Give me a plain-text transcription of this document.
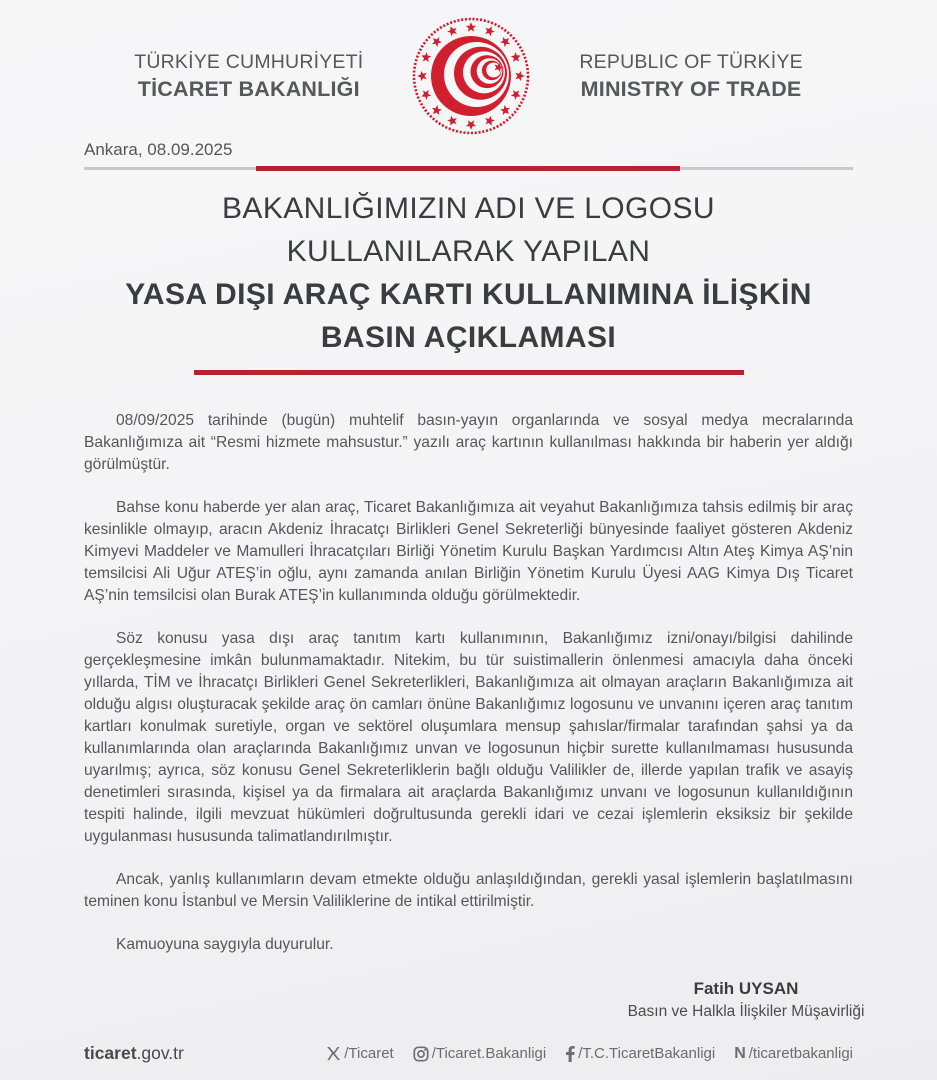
TÜRKİYE CUMHURİYETİ
TİCARET BAKANLIĞI
REPUBLIC OF TÜRKİYE
MINISTRY OF TRADE
Ankara, 08.09.2025
BAKANLIĞIMIZIN ADI VE LOGOSU
KULLANILARAK YAPILAN
YASA DIŞI ARAÇ KARTI KULLANIMINA İLİŞKİN
BASIN AÇIKLAMASI

08/09/2025 tarihinde (bugün) muhtelif basın-yayın organlarında ve sosyal medya mecralarında Bakanlığımıza ait “Resmi hizmete mahsustur.” yazılı araç kartının kullanılması hakkında bir haberin yer aldığı görülmüştür.

Bahse konu haberde yer alan araç, Ticaret Bakanlığımıza ait veyahut Bakanlığımıza tahsis edilmiş bir araç kesinlikle olmayıp, aracın Akdeniz İhracatçı Birlikleri Genel Sekreterliği bünyesinde faaliyet gösteren Akdeniz Kimyevi Maddeler ve Mamulleri İhracatçıları Birliği Yönetim Kurulu Başkan Yardımcısı Altın Ateş Kimya AŞ’nin temsilcisi Ali Uğur ATEŞ’in oğlu, aynı zamanda anılan Birliğin Yönetim Kurulu Üyesi AAG Kimya Dış Ticaret AŞ’nin temsilcisi olan Burak ATEŞ’in kullanımında olduğu görülmektedir.

Söz konusu yasa dışı araç tanıtım kartı kullanımının, Bakanlığımız izni/onayı/bilgisi dahilinde gerçekleşmesine imkân bulunmamaktadır. Nitekim, bu tür suistimallerin önlenmesi amacıyla daha önceki yıllarda, TİM ve İhracatçı Birlikleri Genel Sekreterlikleri, Bakanlığımıza ait olmayan araçların Bakanlığımıza ait olduğu algısı oluşturacak şekilde araç ön camları önüne Bakanlığımız logosunu ve unvanını içeren araç tanıtım kartları konulmak suretiyle, organ ve sektörel oluşumlara mensup şahıslar/firmalar tarafından şahsi ya da kullanımlarında olan araçlarında Bakanlığımız unvan ve logosunun hiçbir surette kullanılmaması hususunda uyarılmış; ayrıca, söz konusu Genel Sekreterliklerin bağlı olduğu Valilikler de, illerde yapılan trafik ve asayiş denetimleri sırasında, kişisel ya da firmalara ait araçlarda Bakanlığımız unvanı ve logosunun kullanıldığının tespiti halinde, ilgili mevzuat hükümleri doğrultusunda gerekli idari ve cezai işlemlerin eksiksiz bir şekilde uygulanması hususunda talimatlandırılmıştır.

Ancak, yanlış kullanımların devam etmekte olduğu anlaşıldığından, gerekli yasal işlemlerin başlatılmasını teminen konu İstanbul ve Mersin Valiliklerine de intikal ettirilmiştir.

Kamuoyuna saygıyla duyurulur.

Fatih UYSAN
Basın ve Halkla İlişkiler Müşavirliği
ticaret.gov.tr	/Ticaret	/Ticaret.Bakanligi /T.C.TicaretBakanligi N /ticaretbakanligi
